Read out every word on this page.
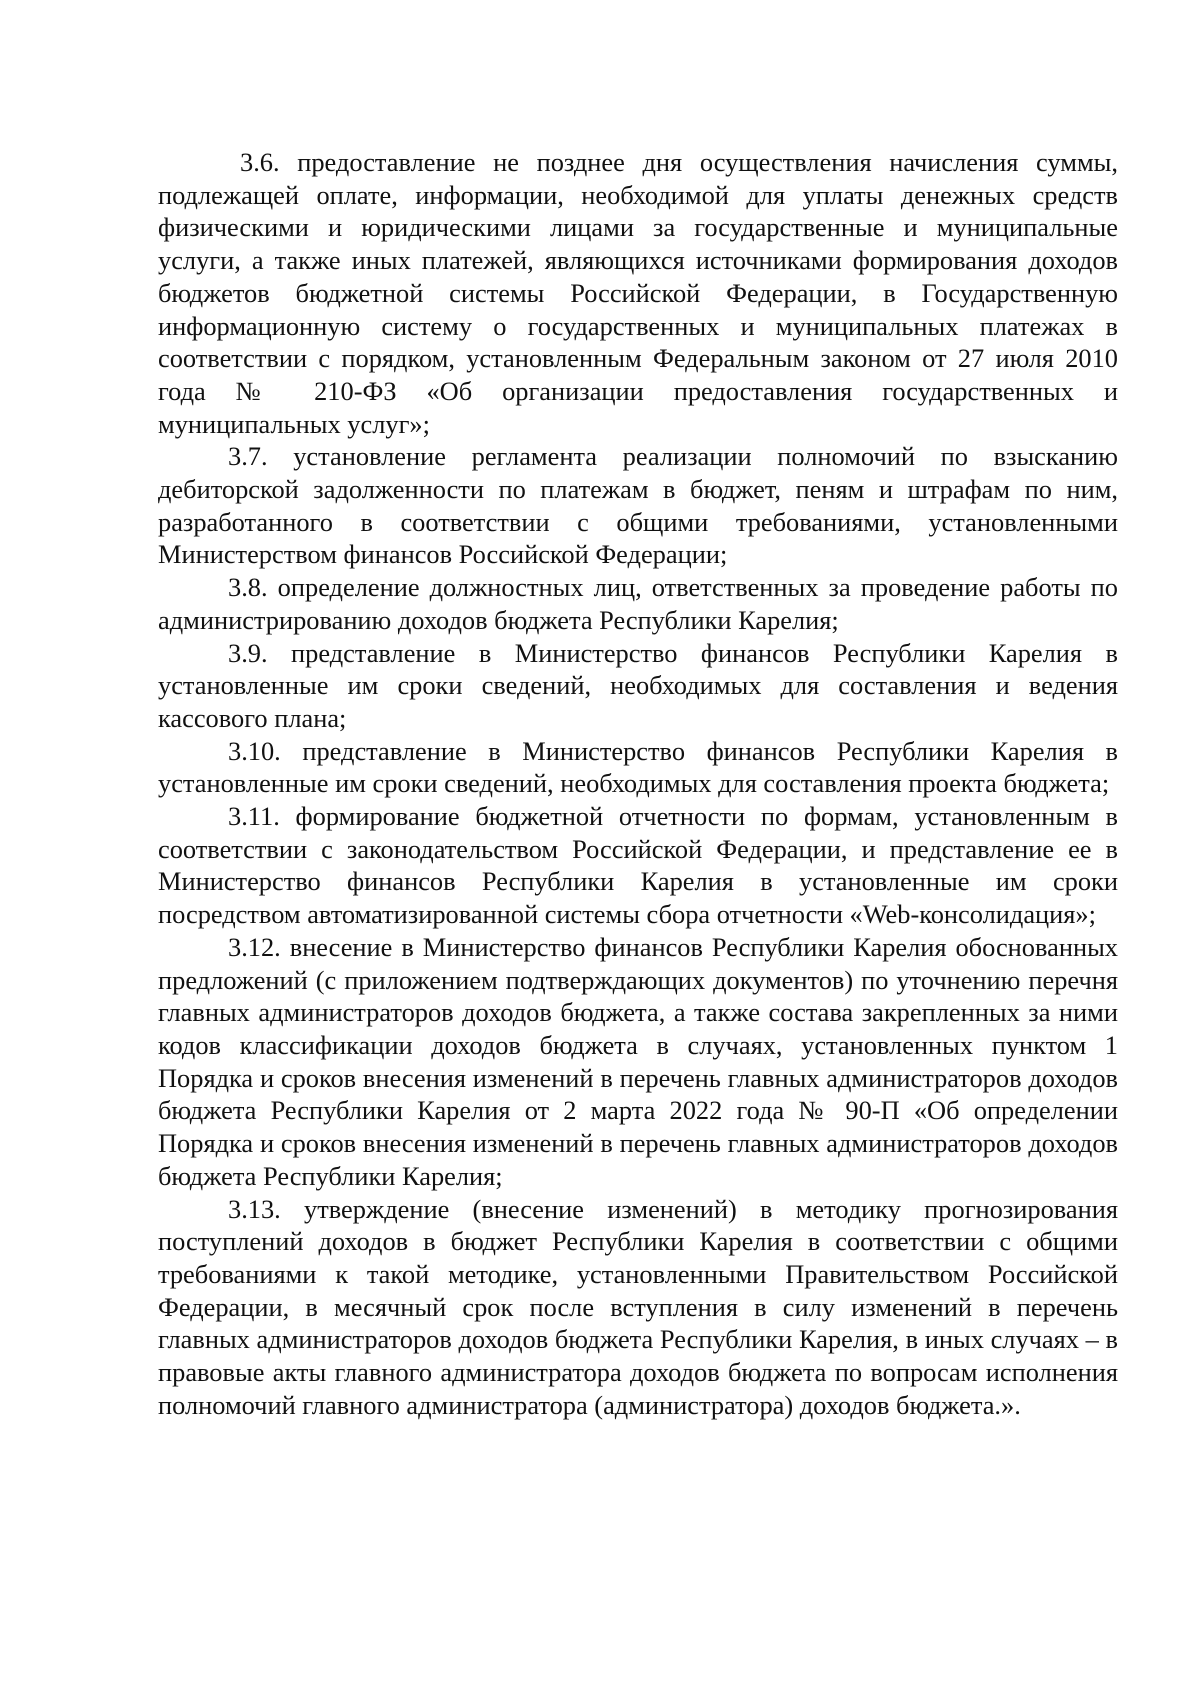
3.6. предоставление не позднее дня осуществления начисления суммы, подлежащей оплате, информации, необходимой для уплаты денежных средств физическими и юридическими лицами за государственные и муниципальные услуги, а также иных платежей, являющихся источниками формирования доходов бюджетов бюджетной системы Российской Федерации, в Государственную информационную систему о государственных и муниципальных платежах в соответствии с порядком, установленным Федеральным законом от 27 июля 2010 года № 210-ФЗ «Об организации предоставления государственных и муниципальных услуг»;

3.7. установление регламента реализации полномочий по взысканию дебиторской задолженности по платежам в бюджет, пеням и штрафам по ним, разработанного в соответствии с общими требованиями, установленными Министерством финансов Российской Федерации;

3.8. определение должностных лиц, ответственных за проведение работы по администрированию доходов бюджета Республики Карелия;

3.9. представление в Министерство финансов Республики Карелия в установленные им сроки сведений, необходимых для составления и ведения кассового плана;

3.10. представление в Министерство финансов Республики Карелия в установленные им сроки сведений, необходимых для составления проекта бюджета;

3.11. формирование бюджетной отчетности по формам, установленным в соответствии с законодательством Российской Федерации, и представление ее в Министерство финансов Республики Карелия в установленные им сроки посредством автоматизированной системы сбора отчетности «Web-консолидация»;

3.12. внесение в Министерство финансов Республики Карелия обоснованных предложений (с приложением подтверждающих документов) по уточнению перечня главных администраторов доходов бюджета, а также состава закрепленных за ними кодов классификации доходов бюджета в случаях, установленных пунктом 1 Порядка и сроков внесения изменений в перечень главных администраторов доходов бюджета Республики Карелия от 2 марта 2022 года № 90-П «Об определении Порядка и сроков внесения изменений в перечень главных администраторов доходов бюджета Республики Карелия;

3.13. утверждение (внесение изменений) в методику прогнозирования поступлений доходов в бюджет Республики Карелия в соответствии с общими требованиями к такой методике, установленными Правительством Российской Федерации, в месячный срок после вступления в силу изменений в перечень главных администраторов доходов бюджета Республики Карелия, в иных случаях – в правовые акты главного администратора доходов бюджета по вопросам исполнения полномочий главного администратора (администратора) доходов бюджета.».
